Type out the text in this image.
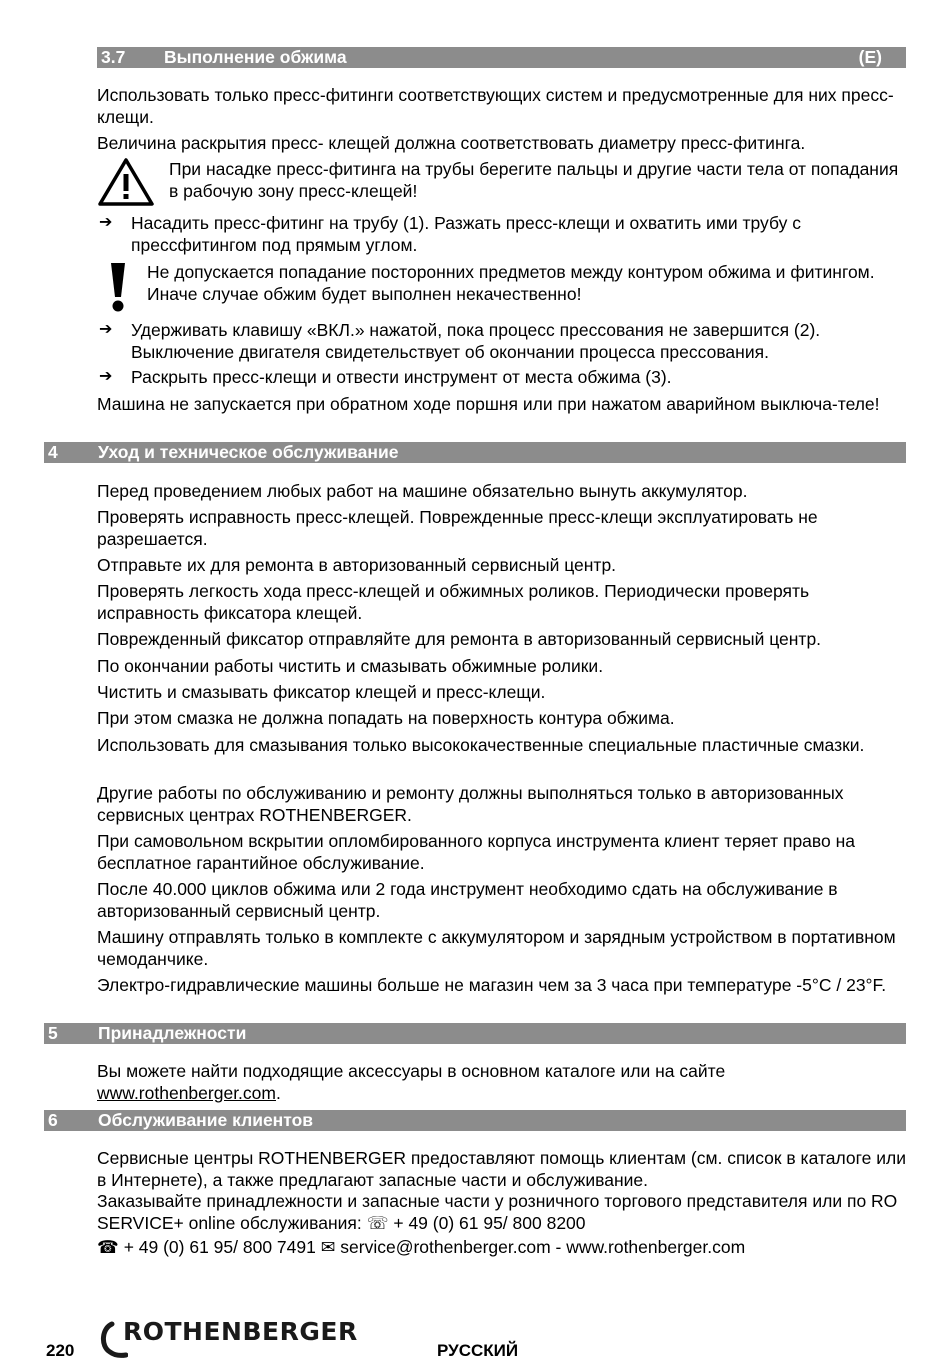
3.7 Выполнение обжима	(E)

Использовать только пресс-фитинги соответствующих систем и предусмотренные для них пресс-клещи.

Величина раскрытия пресс- клещей должна соответствовать диаметру пресс-фитинга.

При насадке пресс-фитинга на трубы берегите пальцы и другие части тела от попадания в рабочую зону пресс-клещей!

➔ Насадить пресс-фитинг на трубу (1). Разжать пресс-клещи и охватить ими трубу с прессфитингом под прямым углом.

Не допускается попадание посторонних предметов между контуром обжима и фитингом. Иначе случае обжим будет выполнен некачественно!

➔ Удерживать клавишу «ВКЛ.» нажатой, пока процесс прессования не завершится (2). Выключение двигателя свидетельствует об окончании процесса прессования.

➔ Раскрыть пресс-клещи и отвести инструмент от места обжима (3).

Машина не запускается при обратном ходе поршня или при нажатом аварийном выключа-теле!

4 Уход и техническое обслуживание

Перед проведением любых работ на машине обязательно вынуть аккумулятор.

Проверять исправность пресс-клещей. Поврежденные пресс-клещи эксплуатировать не разрешается.

Отправьте их для ремонта в авторизованный сервисный центр.

Проверять легкость хода пресс-клещей и обжимных роликов. Периодически проверять исправность фиксатора клещей.

Поврежденный фиксатор отправляйте для ремонта в авторизованный сервисный центр.

По окончании работы чистить и смазывать обжимные ролики.

Чистить и смазывать фиксатор клещей и пресс-клещи.

При этом смазка не должна попадать на поверхность контура обжима.

Использовать для смазывания только высококачественные специальные пластичные смазки.

Другие работы по обслуживанию и ремонту должны выполняться только в авторизованных сервисных центрах ROTHENBERGER.

При самовольном вскрытии опломбированного корпуса инструмента клиент теряет право на бесплатное гарантийное обслуживание.

После 40.000 циклов обжима или 2 года инструмент необходимо сдать на обслуживание в авторизованный сервисный центр.

Машину отправлять только в комплекте с аккумулятором и зарядным устройством в портативном чемоданчике.

Электро-гидравлические машины больше не магазин чем за 3 часа при температуре -5°C / 23°F.

5 Принадлежности

Вы можете найти подходящие аксессуары в основном каталоге или на сайте
www.rothenberger.com.

6 Обслуживание клиентов

Сервисные центры ROTHENBERGER предоставляют помощь клиентам (см. список в каталоге или в Интернете), а также предлагают запасные части и обслуживание.

Заказывайте принадлежности и запасные части у розничного торгового представителя или по RO SERVICE+ online обслуживания: ☏ + 49 (0) 61 95/ 800 8200

☎ + 49 (0) 61 95/ 800 7491 ✉ service@rothenberger.com - www.rothenberger.com

220
ROTHENBERGER
РУССКИЙ
